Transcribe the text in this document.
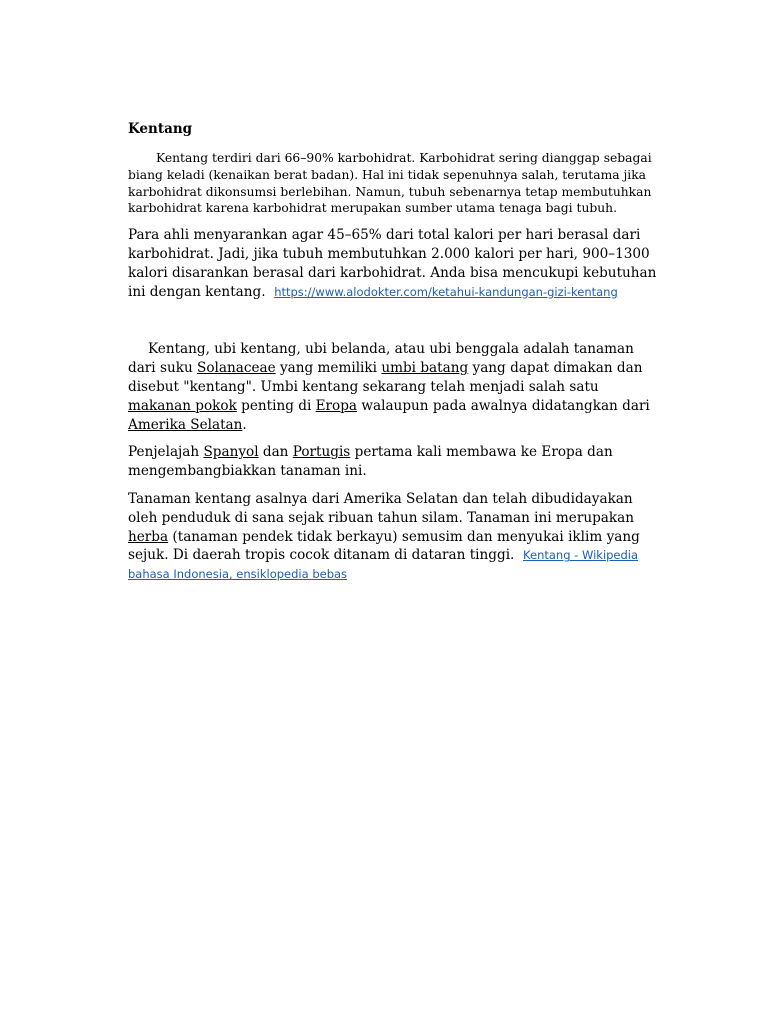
Kentang

Kentang terdiri dari 66–90% karbohidrat. Karbohidrat sering dianggap sebagai biang keladi (kenaikan berat badan). Hal ini tidak sepenuhnya salah, terutama jika karbohidrat dikonsumsi berlebihan. Namun, tubuh sebenarnya tetap membutuhkan karbohidrat karena karbohidrat merupakan sumber utama tenaga bagi tubuh.

Para ahli menyarankan agar 45–65% dari total kalori per hari berasal dari karbohidrat. Jadi, jika tubuh membutuhkan 2.000 kalori per hari, 900–1300 kalori disarankan berasal dari karbohidrat. Anda bisa mencukupi kebutuhan ini dengan kentang. https://www.alodokter.com/ketahui-kandungan-gizi-kentang

Kentang, ubi kentang, ubi belanda, atau ubi benggala adalah tanaman dari suku Solanaceae yang memiliki umbi batang yang dapat dimakan dan disebut "kentang". Umbi kentang sekarang telah menjadi salah satu makanan pokok penting di Eropa walaupun pada awalnya didatangkan dari Amerika Selatan.

Penjelajah Spanyol dan Portugis pertama kali membawa ke Eropa dan mengembangbiakkan tanaman ini.

Tanaman kentang asalnya dari Amerika Selatan dan telah dibudidayakan oleh penduduk di sana sejak ribuan tahun silam. Tanaman ini merupakan herba (tanaman pendek tidak berkayu) semusim dan menyukai iklim yang sejuk. Di daerah tropis cocok ditanam di dataran tinggi. Kentang - Wikipedia bahasa Indonesia, ensiklopedia bebas
